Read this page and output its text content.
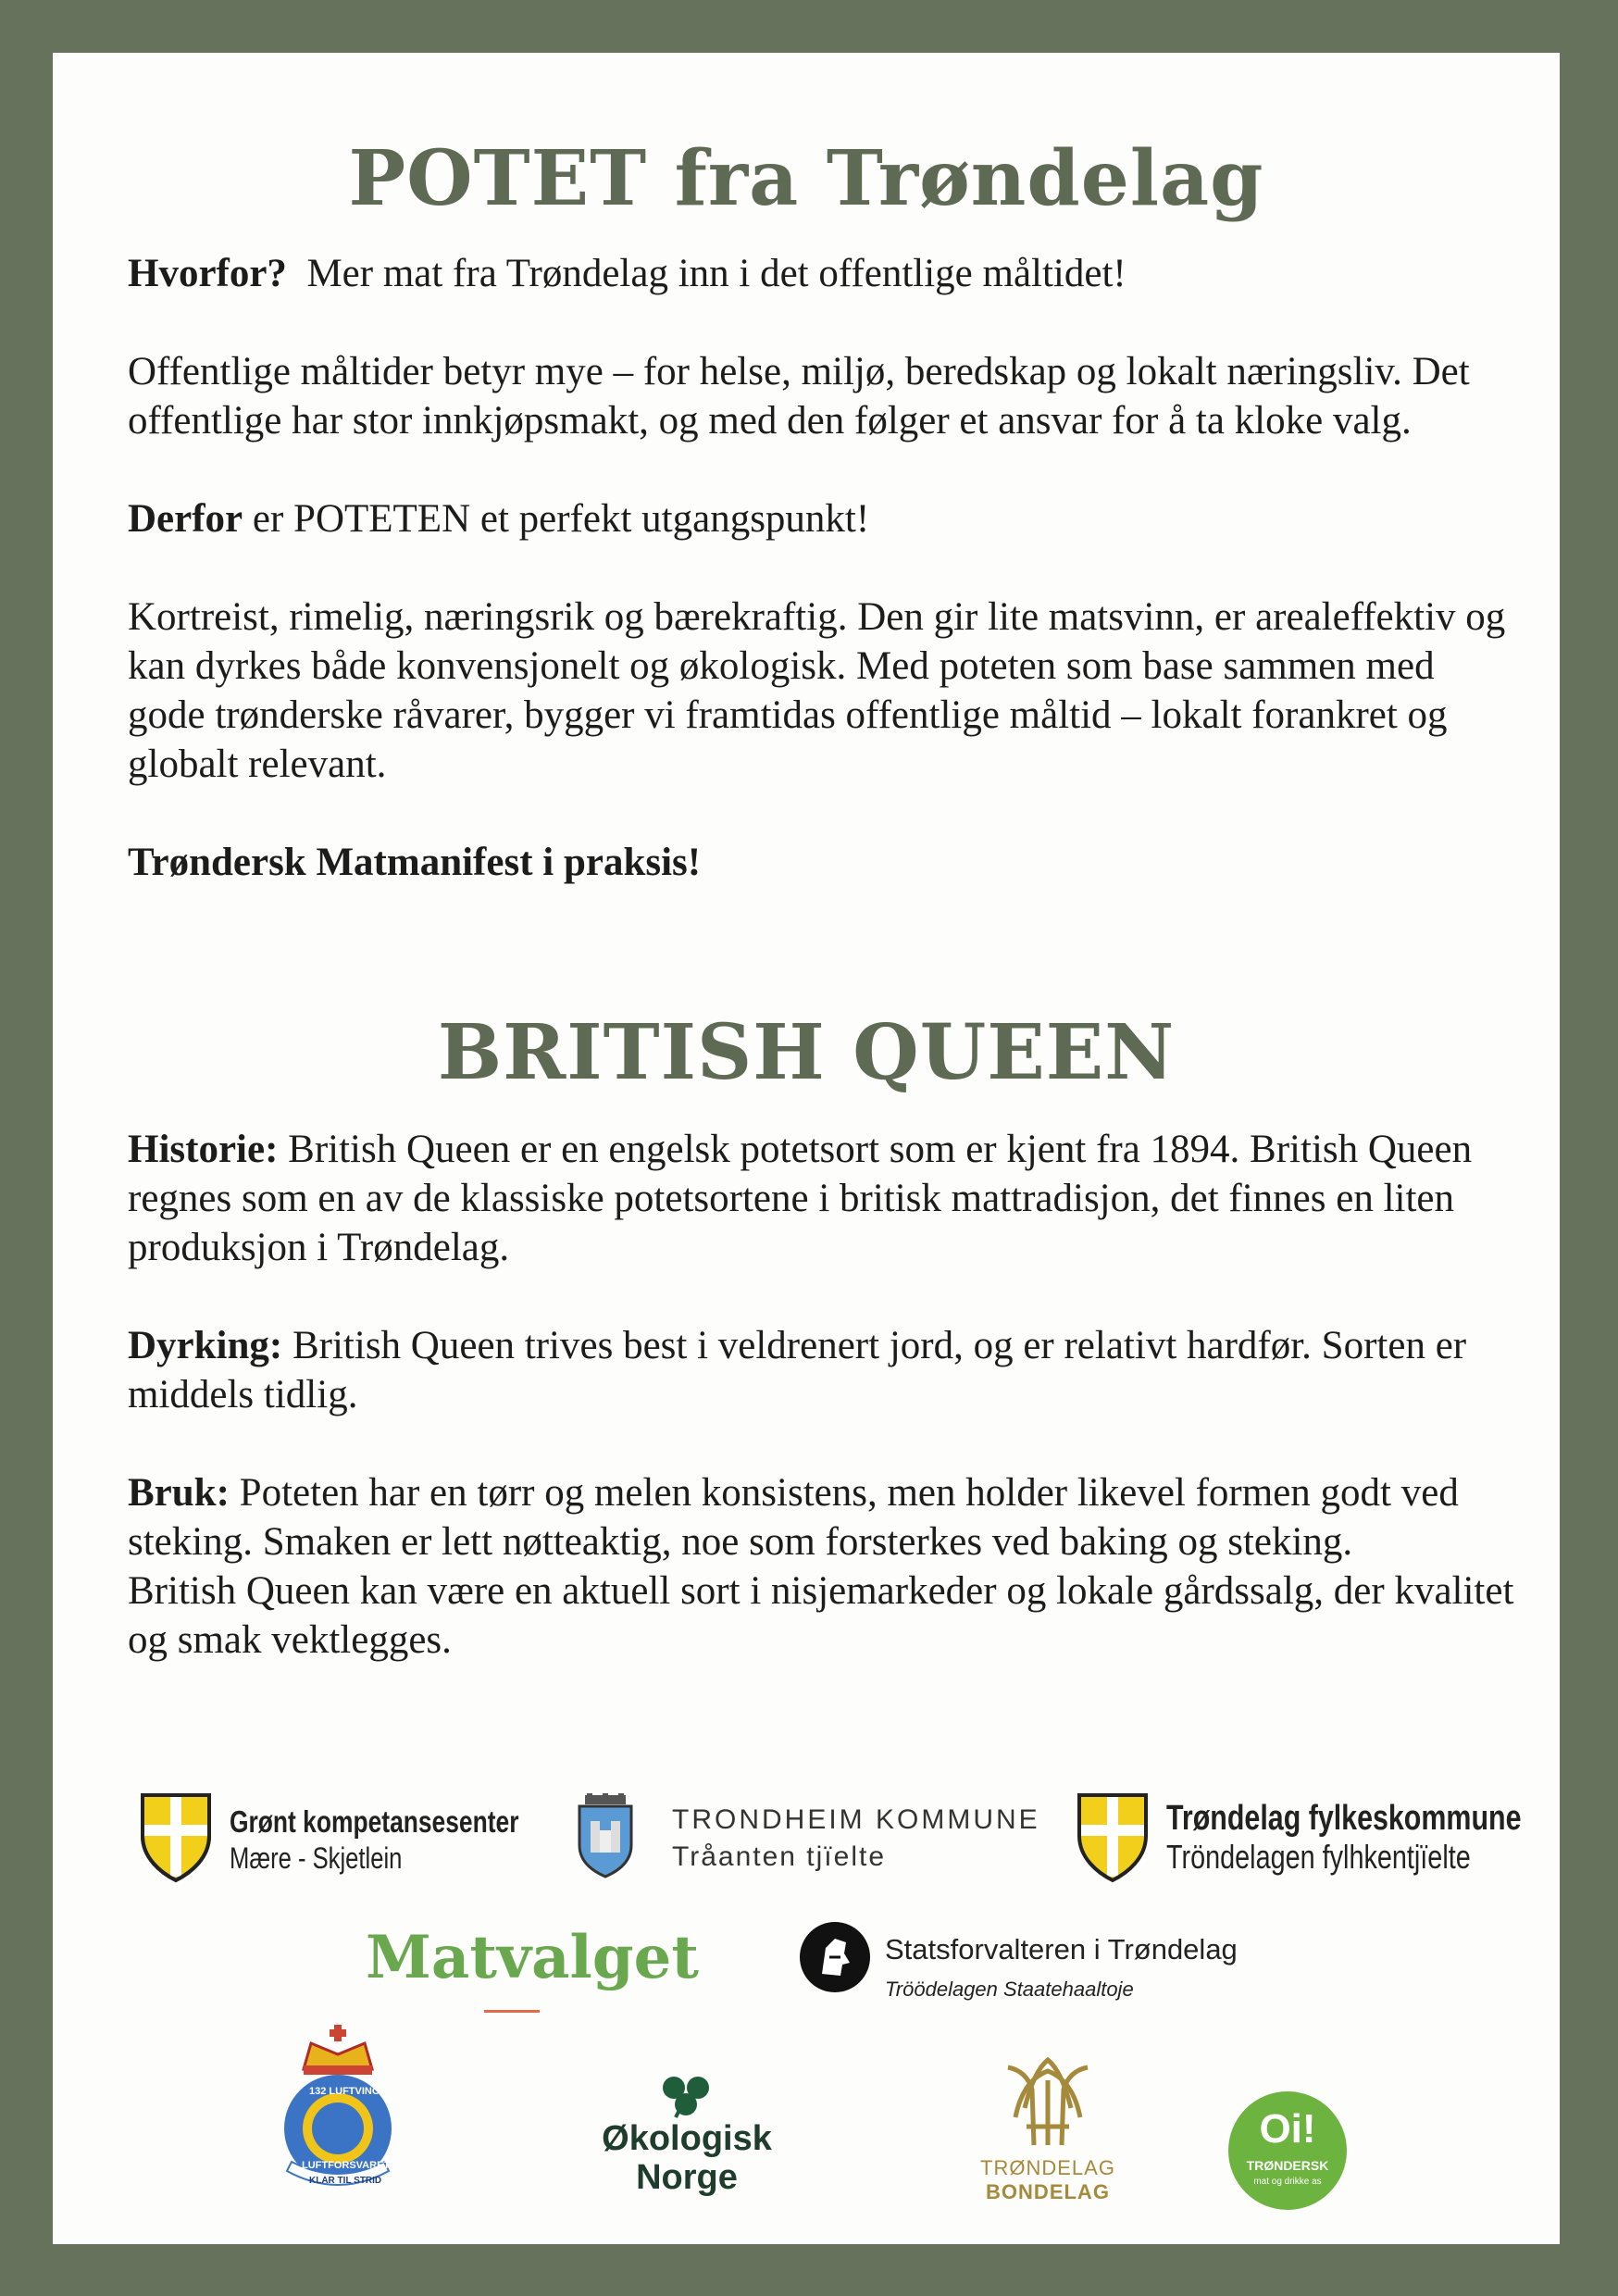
POTET fra Trøndelag

Hvorfor? Mer mat fra Trøndelag inn i det offentlige måltidet!

Offentlige måltider betyr mye – for helse, miljø, beredskap og lokalt næringsliv. Det offentlige har stor innkjøpsmakt, og med den følger et ansvar for å ta kloke valg.

Derfor er POTETEN et perfekt utgangspunkt!

Kortreist, rimelig, næringsrik og bærekraftig. Den gir lite matsvinn, er arealeffektiv og kan dyrkes både konvensjonelt og økologisk. Med poteten som base sammen med gode trønderske råvarer, bygger vi framtidas offentlige måltid – lokalt forankret og globalt relevant.

Trøndersk Matmanifest i praksis!

BRITISH QUEEN

Historie: British Queen er en engelsk potetsort som er kjent fra 1894. British Queen regnes som en av de klassiske potetsortene i britisk mattradisjon, det finnes en liten produksjon i Trøndelag.

Dyrking: British Queen trives best i veldrenert jord, og er relativt hardfør. Sorten er middels tidlig.

Bruk: Poteten har en tørr og melen konsistens, men holder likevel formen godt ved steking. Smaken er lett nøtteaktig, noe som forsterkes ved baking og steking.

British Queen kan være en aktuell sort i nisjemarkeder og lokale gårdssalg, der kvalitet og smak vektlegges.

Grønt kompetansesenter
Mære - Skjetlein
TRONDHEIM KOMMUNE
Tråanten tjïelte
Trøndelag fylkeskommune
Tröndelagen fylhkentjïelte
Matvalget	Statsforvalteren i Trøndelag
Tröödelagen Staatehaaltoje
132 LUFTVING
LUFTFORSVARET
KLAR TIL STRID
Økologisk
Norge	TRØNDELAG
BONDELAG
Oi!
TRØNDERSK
mat og drikke as
